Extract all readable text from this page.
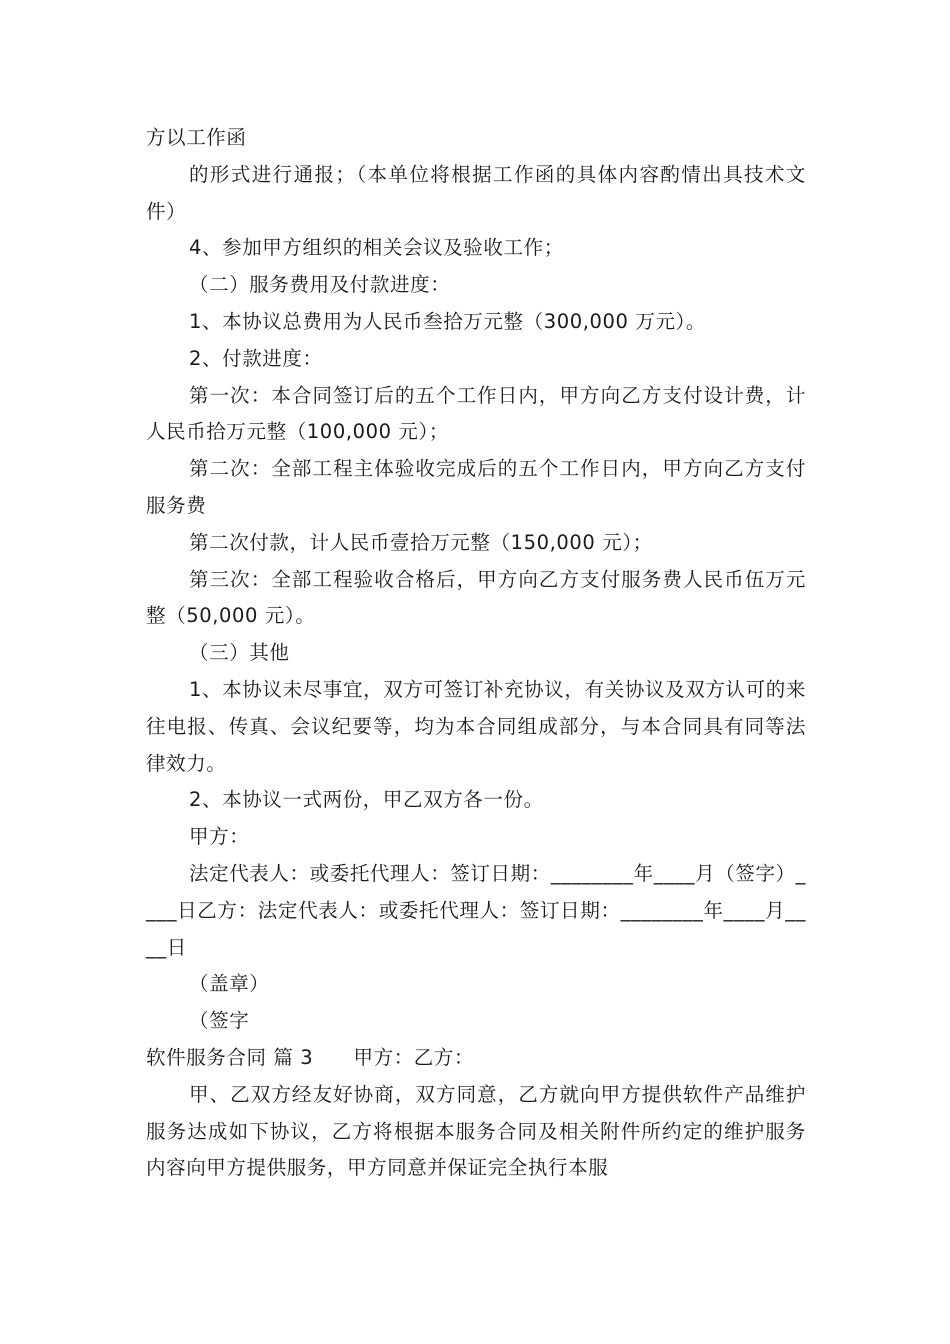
方以工作函

的形式进行通报；（本单位将根据工作函的具体内容酌情出具技术文件）

4、参加甲方组织的相关会议及验收工作；

（二）服务费用及付款进度：

1、本协议总费用为人民币叁拾万元整（300,000 万元）。

2、付款进度：

第一次：本合同签订后的五个工作日内，甲方向乙方支付设计费，计人民币拾万元整（100,000 元）；

第二次：全部工程主体验收完成后的五个工作日内，甲方向乙方支付服务费

第二次付款，计人民币壹拾万元整（150,000 元）；

第三次：全部工程验收合格后，甲方向乙方支付服务费人民币伍万元整（50,000 元）。

（三）其他

1、本协议未尽事宜，双方可签订补充协议，有关协议及双方认可的来往电报、传真、会议纪要等，均为本合同组成部分，与本合同具有同等法律效力。

2、本协议一式两份，甲乙双方各一份。

甲方：

法定代表人：或委托代理人：签订日期：________年____月（签字）____日乙方：法定代表人：或委托代理人：签订日期：________年____月____日

（盖章）

（签字

软件服务合同 篇 3　　甲方：乙方：

甲、乙双方经友好协商，双方同意，乙方就向甲方提供软件产品维护服务达成如下协议，乙方将根据本服务合同及相关附件所约定的维护服务内容向甲方提供服务，甲方同意并保证完全执行本服
